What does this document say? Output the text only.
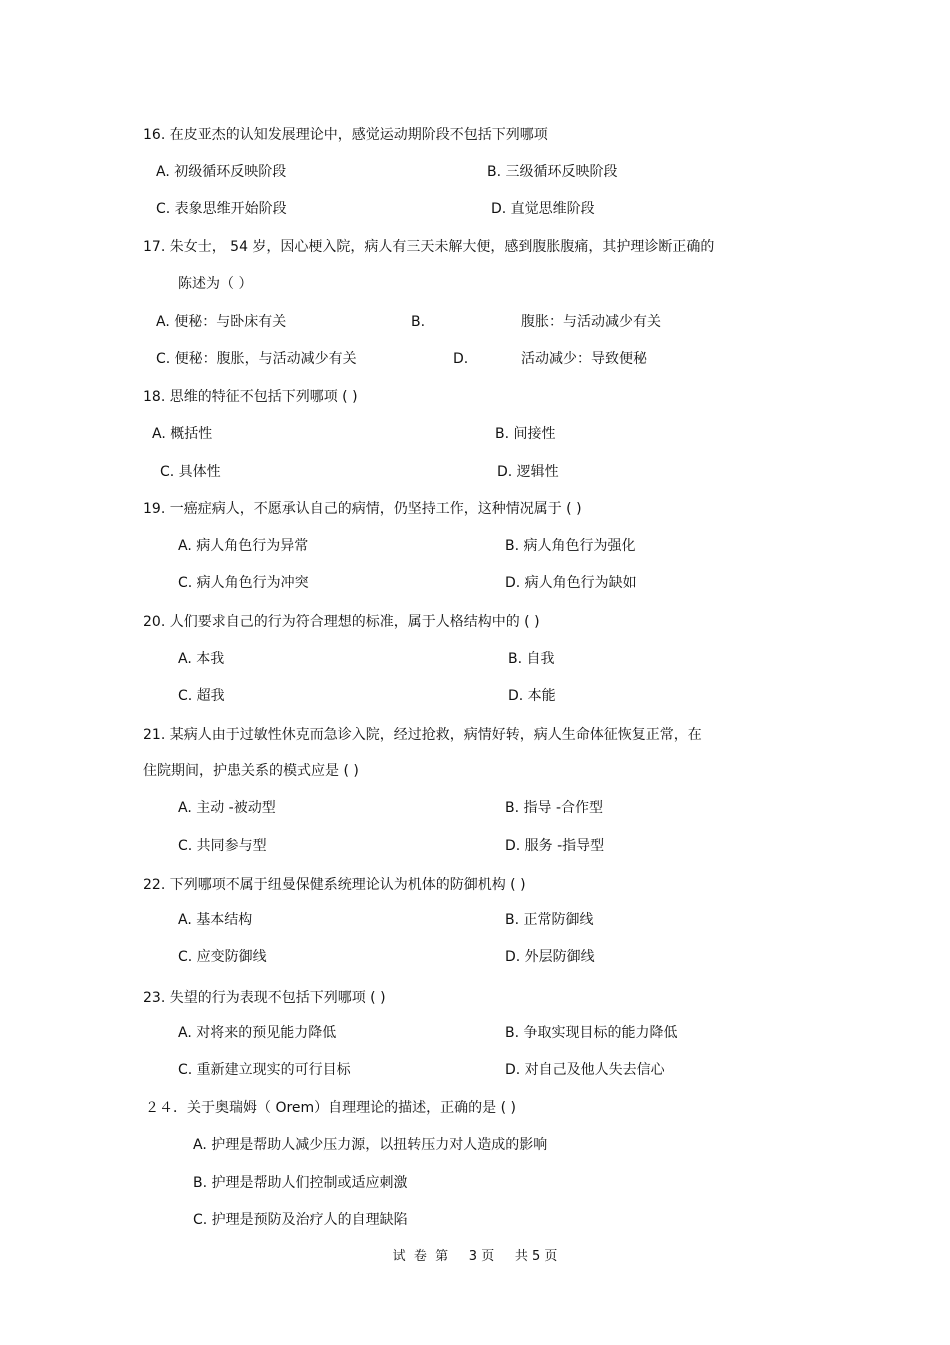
16. 在皮亚杰的认知发展理论中，感觉运动期阶段不包括下列哪项
A. 初级循环反映阶段	B. 三级循环反映阶段
C. 表象思维开始阶段	D. 直觉思维阶段
17. 朱女士， 54 岁，因心梗入院，病人有三天未解大便，感到腹胀腹痛，其护理诊断正确的
陈述为（ ）
A. 便秘：与卧床有关	B.	腹胀：与活动减少有关
C. 便秘：腹胀，与活动减少有关	D.	活动减少：导致便秘
18. 思维的特征不包括下列哪项 ( )
A. 概括性	B. 间接性
C. 具体性	D. 逻辑性
19. 一癌症病人，不愿承认自己的病情，仍坚持工作，这种情况属于 ( )
A. 病人角色行为异常	B. 病人角色行为强化
C. 病人角色行为冲突	D. 病人角色行为缺如
20. 人们要求自己的行为符合理想的标准，属于人格结构中的 ( )
A. 本我	B. 自我
C. 超我	D. 本能
21. 某病人由于过敏性休克而急诊入院，经过抢救，病情好转，病人生命体征恢复正常，在
住院期间，护患关系的模式应是 ( )
A. 主动 -被动型	B. 指导 -合作型
C. 共同参与型	D. 服务 -指导型
22. 下列哪项不属于纽曼保健系统理论认为机体的防御机构 ( )
A. 基本结构	B. 正常防御线
C. 应变防御线	D. 外层防御线
23. 失望的行为表现不包括下列哪项 ( )
A. 对将来的预见能力降低	B. 争取实现目标的能力降低
C. 重新建立现实的可行目标	D. 对自己及他人失去信心
２４．关于奥瑞姆（ Orem）自理理论的描述，正确的是 ( )
A. 护理是帮助人减少压力源，以扭转压力对人造成的影响
B. 护理是帮助人们控制或适应刺激
C. 护理是预防及治疗人的自理缺陷
试  卷  第     3 页     共 5 页
